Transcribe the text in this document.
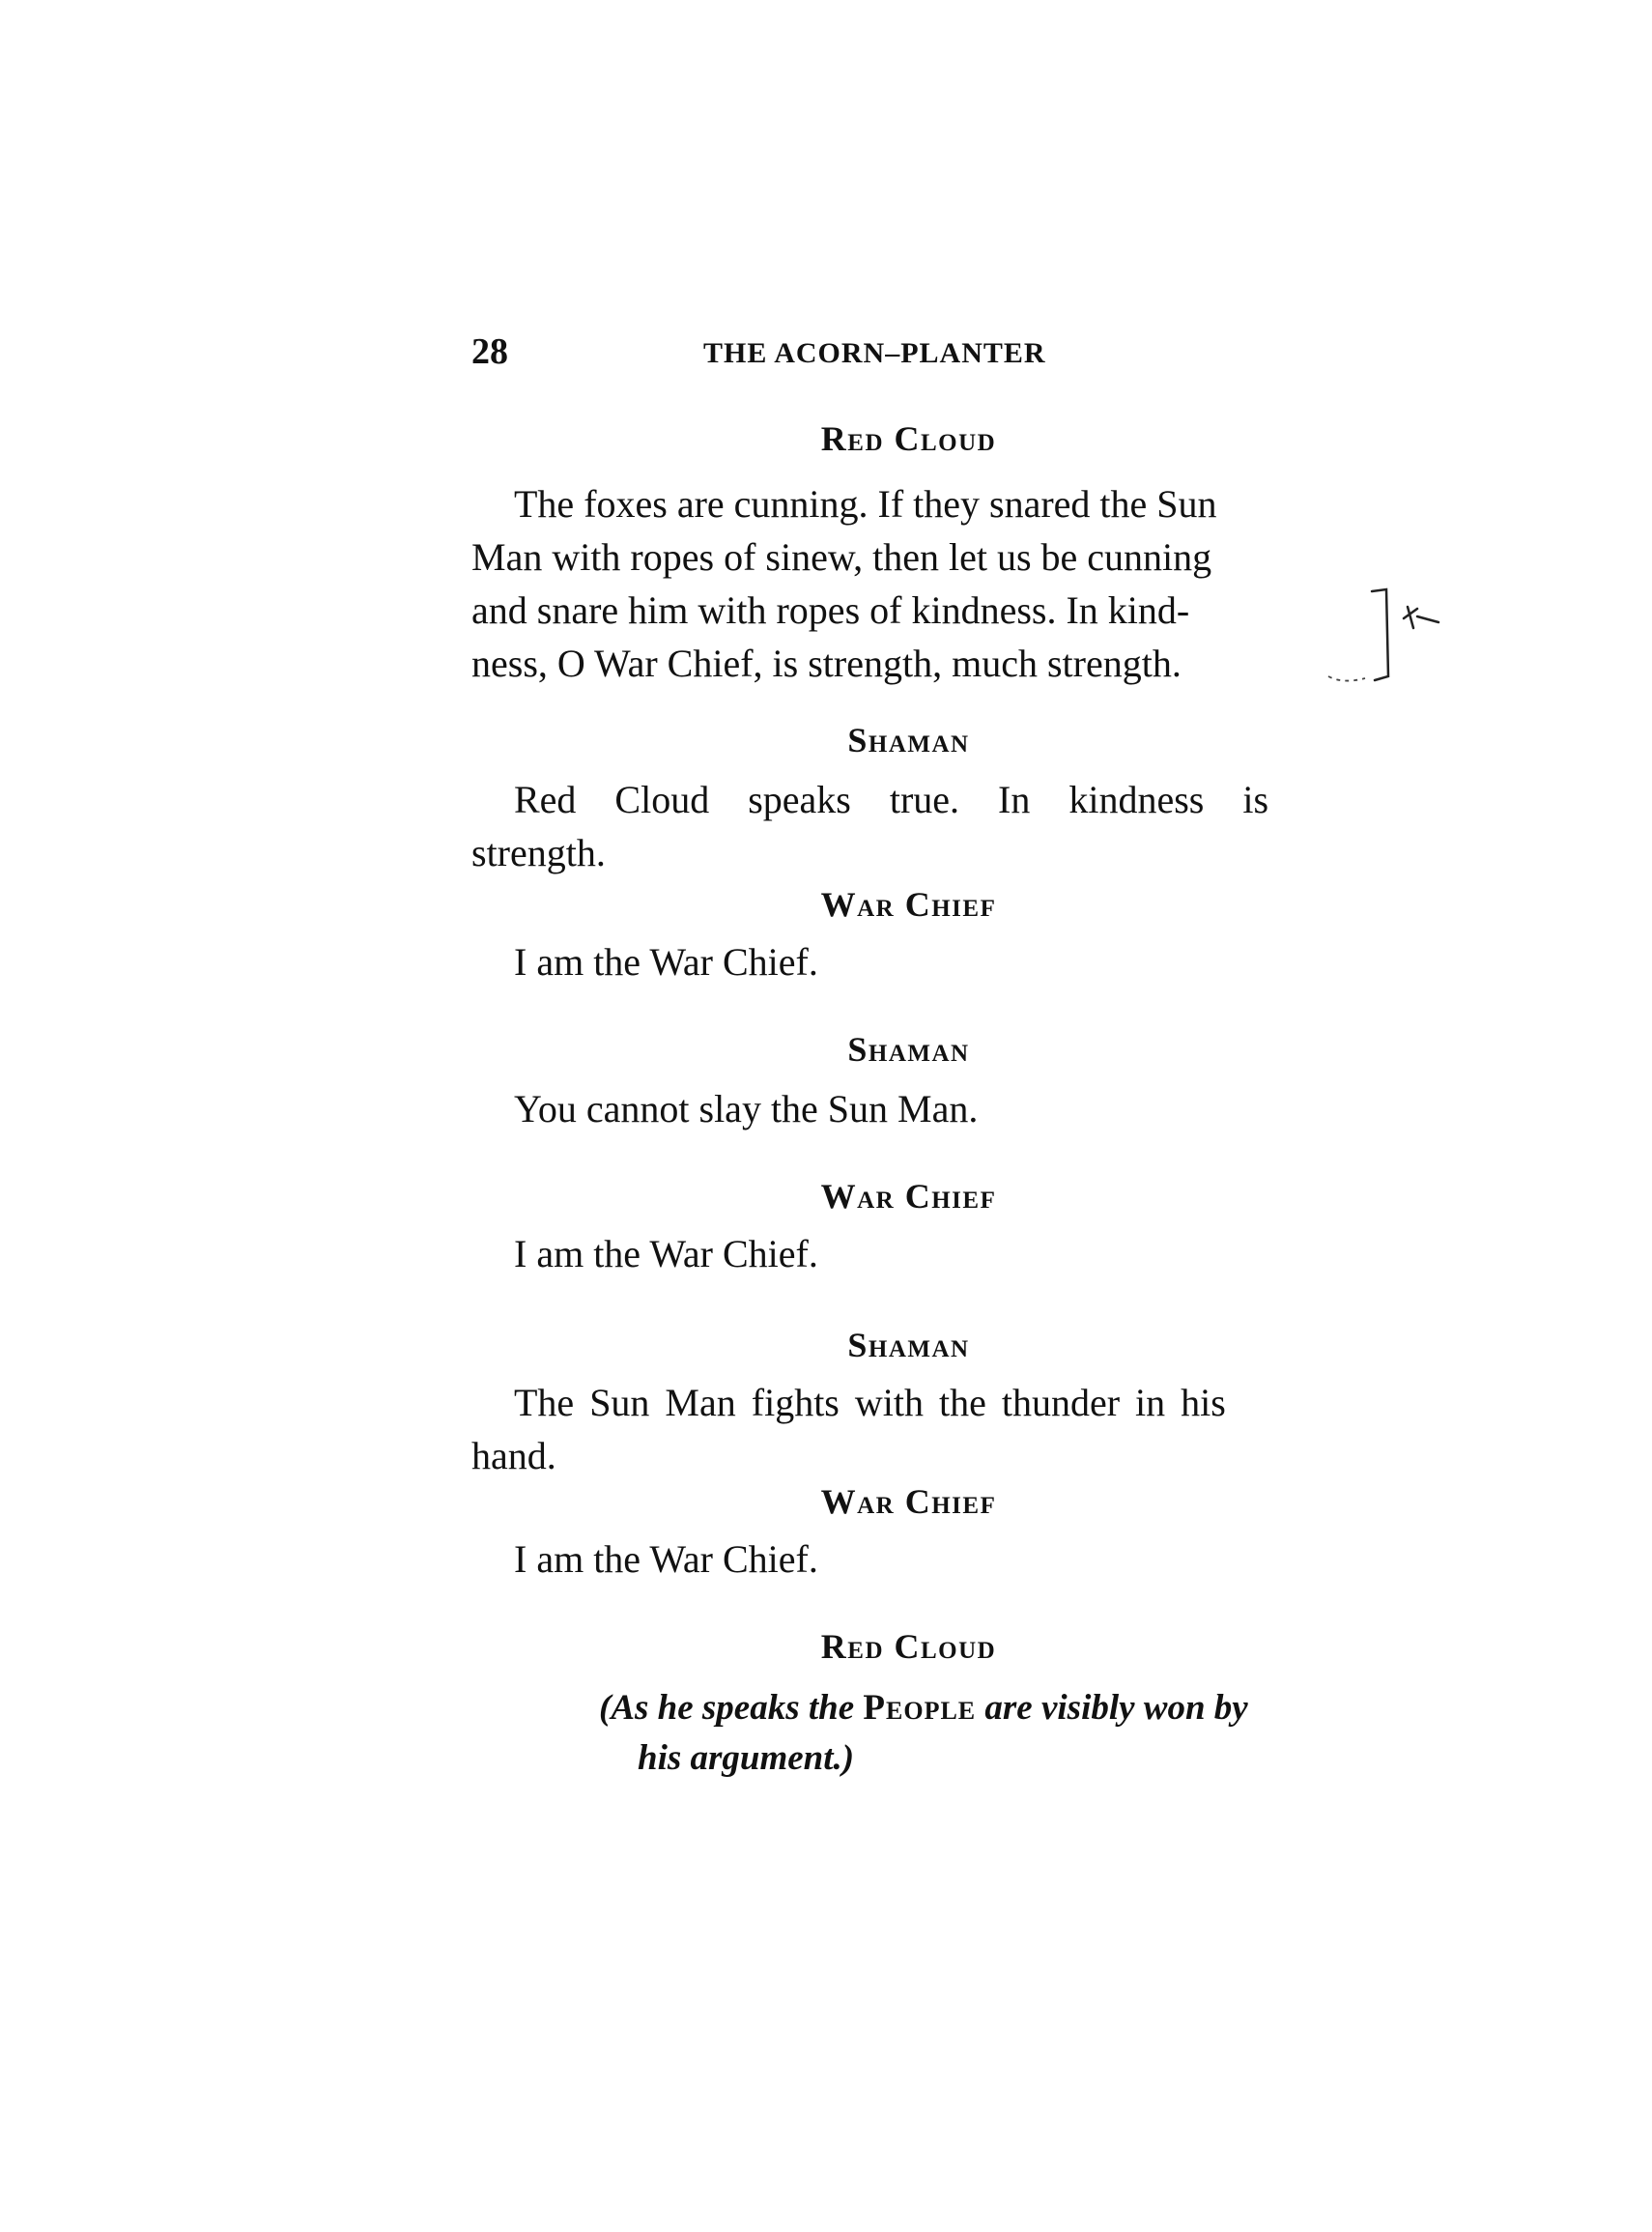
28	THE ACORN–PLANTER
Red Cloud

The foxes are cunning. If they snared the Sun
Man with ropes of sinew, then let us be cunning
and snare him with ropes of kindness. In kind-
ness, O War Chief, is strength, much strength.

Shaman

Red Cloud speaks true. In kindness is
strength.

War Chief

I am the War Chief.

Shaman

You cannot slay the Sun Man.

War Chief

I am the War Chief.

Shaman

The Sun Man fights with the thunder in his
hand.

War Chief

I am the War Chief.

Red Cloud
(As he speaks the People are visibly won by
his argument.)
